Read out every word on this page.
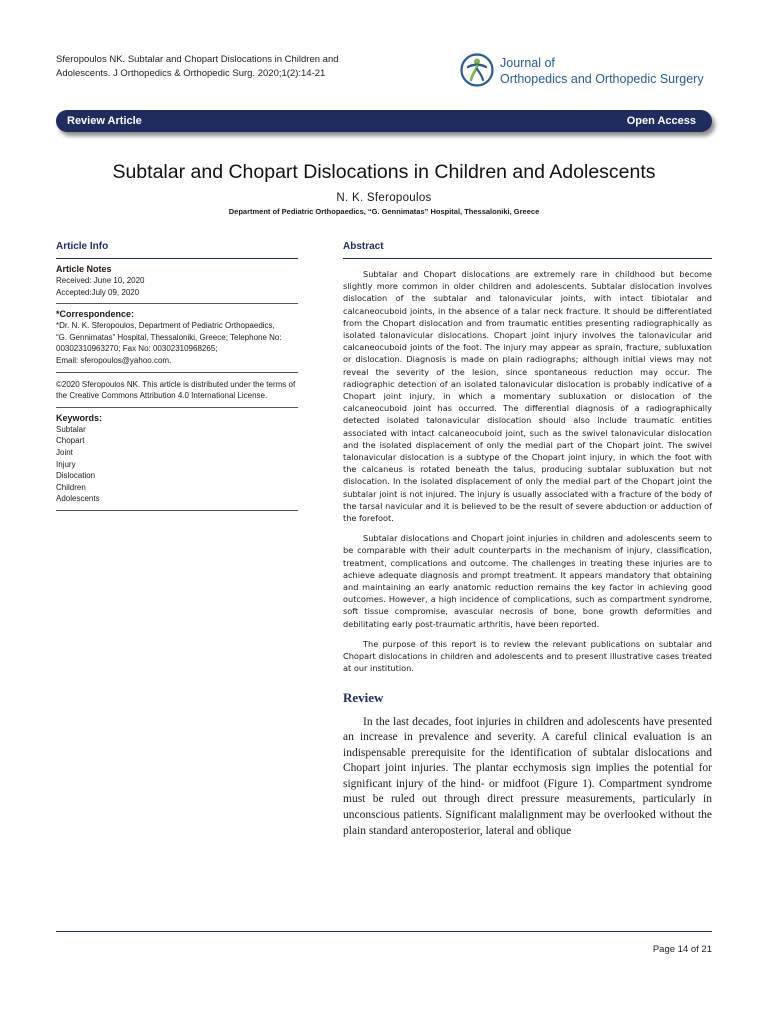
Sferopoulos NK. Subtalar and Chopart Dislocations in Children and Adolescents. J Orthopedics & Orthopedic Surg. 2020;1(2):14-21
Journal of
Orthopedics and Orthopedic Surgery
Review Article	Open Access
Subtalar and Chopart Dislocations in Children and Adolescents
N. K. Sferopoulos
Department of Pediatric Orthopaedics, “G. Gennimatas” Hospital, Thessaloniki, Greece
Article Info
Article Notes
Received: June 10, 2020
Accepted:July 09, 2020
*Correspondence:
*Dr. N. K. Sferopoulos, Department of Pediatric Orthopaedics,
“G. Gennimatas” Hospital, Thessaloniki, Greece; Telephone No:
00302310963270; Fax No: 00302310968265;
Email: sferopoulos@yahoo.com.
©2020 Sferopoulos NK. This article is distributed under the terms of the Creative Commons Attribution 4.0 International License.
Keywords:
Subtalar
Chopart
Joint
Injury
Dislocation
Children
Adolescents
Abstract

Subtalar and Chopart dislocations are extremely rare in childhood but become slightly more common in older children and adolescents. Subtalar dislocation involves dislocation of the subtalar and talonavicular joints, with intact tibiotalar and calcaneocuboid joints, in the absence of a talar neck fracture. It should be differentiated from the Chopart dislocation and from traumatic entities presenting radiographically as isolated talonavicular dislocations. Chopart joint injury involves the talonavicular and calcaneocuboid joints of the foot. The injury may appear as sprain, fracture, subluxation or dislocation. Diagnosis is made on plain radiographs; although initial views may not reveal the severity of the lesion, since spontaneous reduction may occur. The radiographic detection of an isolated talonavicular dislocation is probably indicative of a Chopart joint injury, in which a momentary subluxation or dislocation of the calcaneocuboid joint has occurred. The differential diagnosis of a radiographically detected isolated talonavicular dislocation should also include traumatic entities associated with intact calcaneocuboid joint, such as the swivel talonavicular dislocation and the isolated displacement of only the medial part of the Chopart joint. The swivel talonavicular dislocation is a subtype of the Chopart joint injury, in which the foot with the calcaneus is rotated beneath the talus, producing subtalar subluxation but not dislocation. In the isolated displacement of only the medial part of the Chopart joint the subtalar joint is not injured. The injury is usually associated with a fracture of the body of the tarsal navicular and it is believed to be the result of severe abduction or adduction of the forefoot.

Subtalar dislocations and Chopart joint injuries in children and adolescents seem to be comparable with their adult counterparts in the mechanism of injury, classification, treatment, complications and outcome. The challenges in treating these injuries are to achieve adequate diagnosis and prompt treatment. It appears mandatory that obtaining and maintaining an early anatomic reduction remains the key factor in achieving good outcomes. However, a high incidence of complications, such as compartment syndrome, soft tissue compromise, avascular necrosis of bone, bone growth deformities and debilitating early post-traumatic arthritis, have been reported.

The purpose of this report is to review the relevant publications on subtalar and Chopart dislocations in children and adolescents and to present illustrative cases treated at our institution.

Review

In the last decades, foot injuries in children and adolescents have presented an increase in prevalence and severity. A careful clinical evaluation is an indispensable prerequisite for the identification of subtalar dislocations and Chopart joint injuries. The plantar ecchymosis sign implies the potential for significant injury of the hind- or midfoot (Figure 1). Compartment syndrome must be ruled out through direct pressure measurements, particularly in unconscious patients. Significant malalignment may be overlooked without the plain standard anteroposterior, lateral and oblique

Page 14 of 21
